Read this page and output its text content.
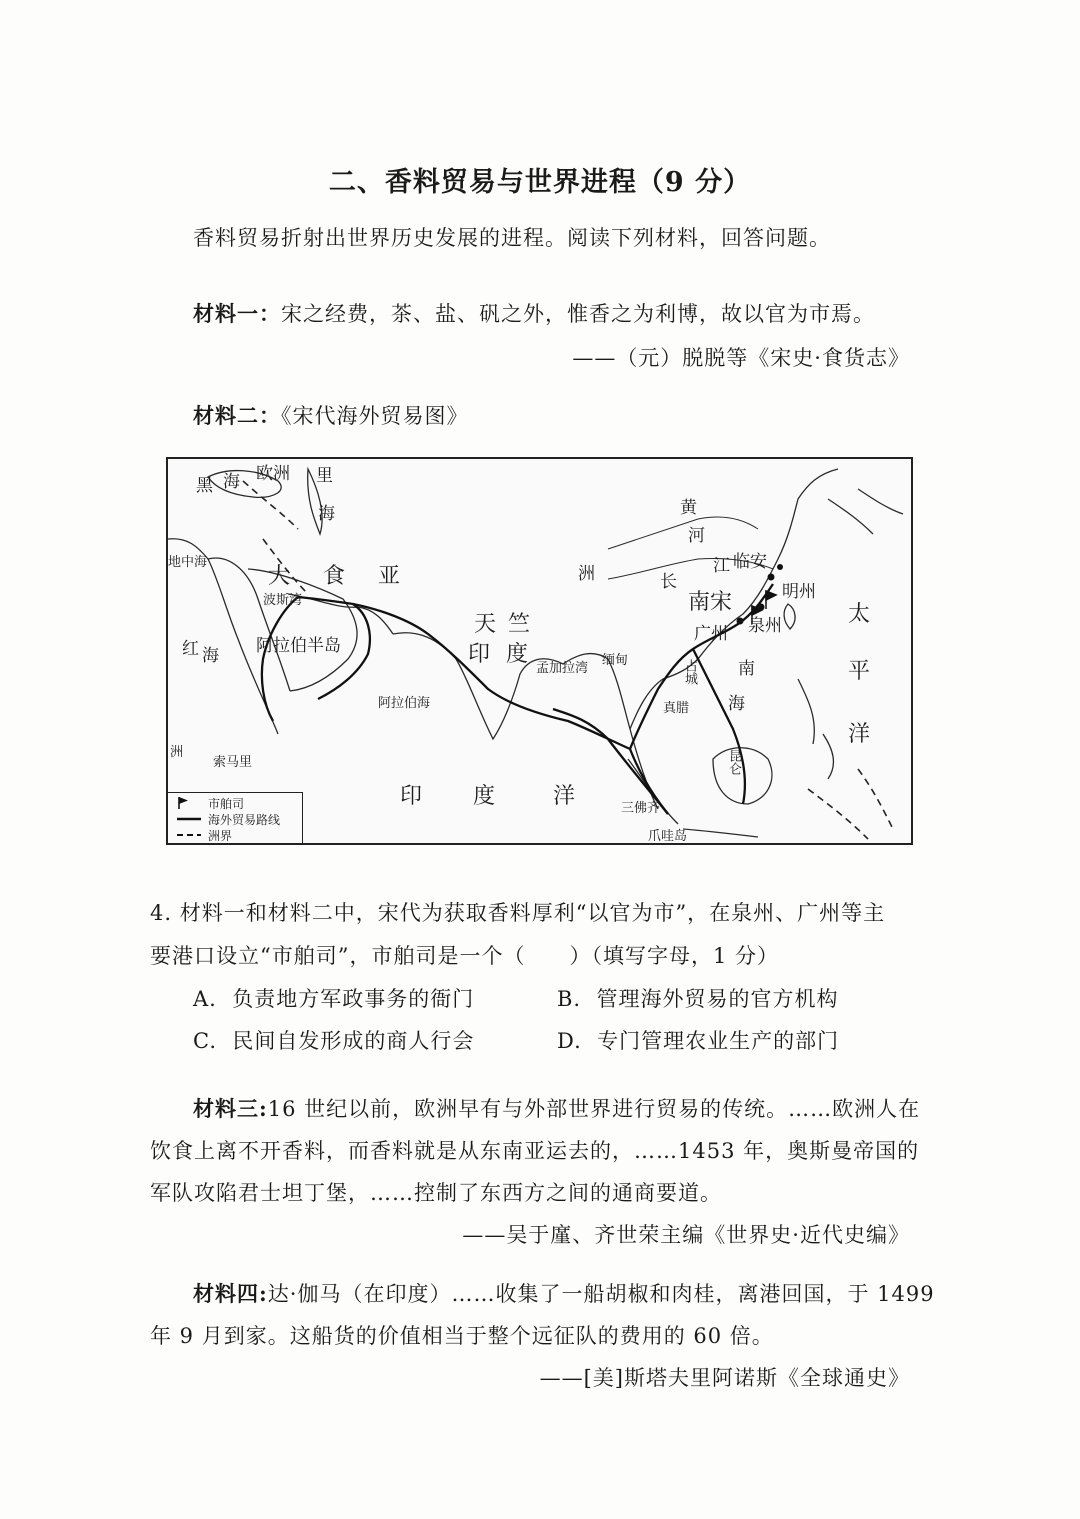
二、香料贸易与世界进程（9 分）
香料贸易折射出世界历史发展的进程。阅读下列材料，回答问题。
材料一：宋之经费，茶、盐、矾之外，惟香之为利博，故以官为市焉。
——（元）脱脱等《宋史·食货志》
材料二：《宋代海外贸易图》
欧洲
黑 海	里
海
地中海
大 食 亚	洲
波斯湾
阿拉伯半岛
红 海
天 竺
印 度
阿拉伯海
孟加拉湾
缅甸
黄
河
长
江 临安
明州
南宋
泉州
广州
南
海
占城
真腊
昆仑
太
平
洋
印 度	洋	三佛齐
爪哇岛
索马里
洲
市舶司
海外贸易路线
洲界
4. 材料一和材料二中，宋代为获取香料厚利“以官为市”，在泉州、广州等主
要港口设立“市舶司”，市舶司是一个（　　）（填写字母，1 分）
A. 负责地方军政事务的衙门	B. 管理海外贸易的官方机构
C. 民间自发形成的商人行会	D. 专门管理农业生产的部门
材料三:16 世纪以前，欧洲早有与外部世界进行贸易的传统。……欧洲人在
饮食上离不开香料，而香料就是从东南亚运去的，……1453 年，奥斯曼帝国的
军队攻陷君士坦丁堡，……控制了东西方之间的通商要道。
——吴于廑、齐世荣主编《世界史·近代史编》
材料四:达·伽马（在印度）……收集了一船胡椒和肉桂，离港回国，于 1499
年 9 月到家。这船货的价值相当于整个远征队的费用的 60 倍。
——[美]斯塔夫里阿诺斯《全球通史》
